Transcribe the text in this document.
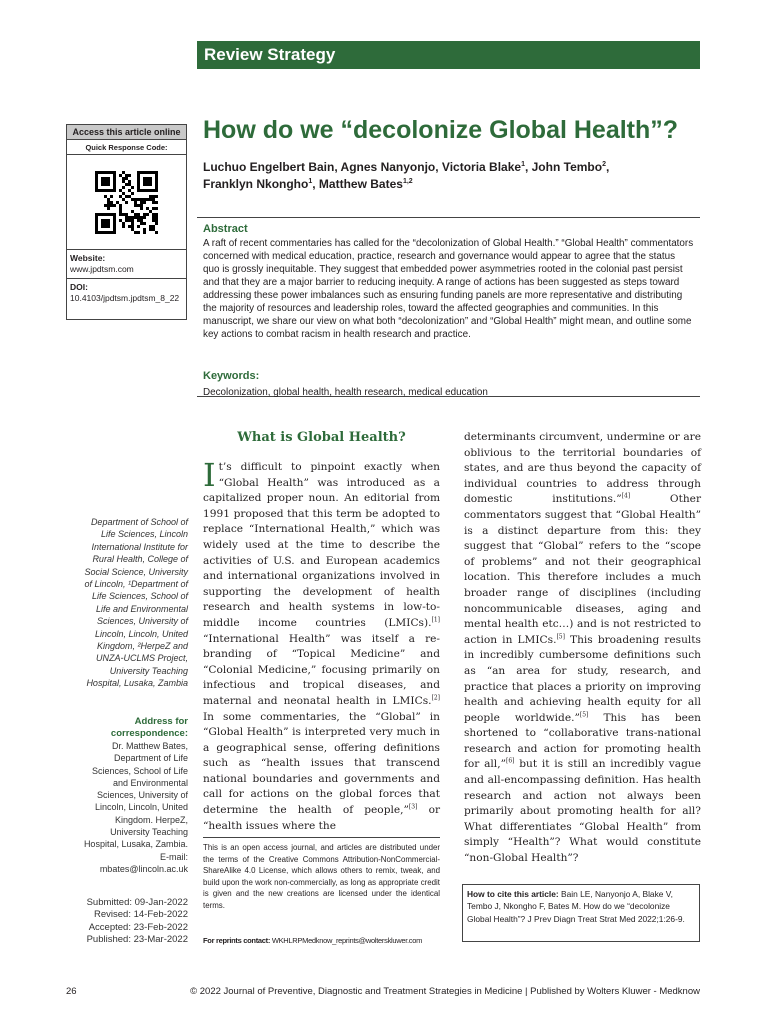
Review Strategy
Access this article online
Quick Response Code:
Website:
www.jpdtsm.com
DOI:
10.4103/jpdtsm.jpdtsm_8_22
How do we “decolonize Global Health”?
Luchuo Engelbert Bain, Agnes Nanyonjo, Victoria Blake$^1$, John Tembo$^2$,
Franklyn Nkongho$^1$, Matthew Bates$^{1,2}$
Abstract
A raft of recent commentaries has called for the “decolonization of Global Health.” “Global Health” commentators concerned with medical education, practice, research and governance would appear to agree that the status quo is grossly inequitable. They suggest that embedded power asymmetries rooted in the colonial past persist and that they are a major barrier to reducing inequity. A range of actions has been suggested as steps toward addressing these power imbalances such as ensuring funding panels are more representative and distributing the majority of resources and leadership roles, toward the affected geographies and communities. In this manuscript, we share our view on what both “decolonization” and “Global Health” might mean, and outline some key actions to combat racism in health research and practice.
Keywords:
Decolonization, global health, health research, medical education
Department of School of Life Sciences, Lincoln International Institute for Rural Health, College of Social Science, University of Lincoln, ¹Department of Life Sciences, School of Life and Environmental Sciences, University of Lincoln, Lincoln, United Kingdom, ²HerpeZ and UNZA-UCLMS Project, University Teaching Hospital, Lusaka, Zambia
Address for correspondence:
Dr. Matthew Bates, Department of Life Sciences, School of Life and Environmental Sciences, University of Lincoln, Lincoln, United Kingdom. HerpeZ, University Teaching Hospital, Lusaka, Zambia.
E-mail: mbates@lincoln.ac.uk
Submitted: 09-Jan-2022
Revised: 14-Feb-2022
Accepted: 23-Feb-2022
Published: 23-Mar-2022
What is Global Health?
It’s difficult to pinpoint exactly when “Global Health” was introduced as a capitalized proper noun. An editorial from 1991 proposed that this term be adopted to replace “International Health,” which was widely used at the time to describe the activities of U.S. and European academics and international organizations involved in supporting the development of health research and health systems in low-to-middle income countries (LMICs).[1] “International Health” was itself a re-branding of “Topical Medicine” and “Colonial Medicine,” focusing primarily on infectious and tropical diseases, and maternal and neonatal health in LMICs.[2] In some commentaries, the “Global” in “Global Health” is interpreted very much in a geographical sense, offering definitions such as “health issues that transcend national boundaries and governments and call for actions on the global forces that determine the health of people,”[3] or “health issues where the
determinants circumvent, undermine or are oblivious to the territorial boundaries of states, and are thus beyond the capacity of individual countries to address through domestic institutions.”[4] Other commentators suggest that “Global Health” is a distinct departure from this: they suggest that “Global” refers to the “scope of problems” and not their geographical location. This therefore includes a much broader range of disciplines (including noncommunicable diseases, aging and mental health etc…) and is not restricted to action in LMICs.[5] This broadening results in incredibly cumbersome definitions such as “an area for study, research, and practice that places a priority on improving health and achieving health equity for all people worldwide.”[5] This has been shortened to “collaborative trans-national research and action for promoting health for all,”[6] but it is still an incredibly vague and all-encompassing definition. Has health research and action not always been primarily about promoting health for all? What differentiates “Global Health” from simply “Health”? What would constitute “non-Global Health”?
This is an open access journal, and articles are distributed under the terms of the Creative Commons Attribution-NonCommercial-ShareAlike 4.0 License, which allows others to remix, tweak, and build upon the work non-commercially, as long as appropriate credit is given and the new creations are licensed under the identical terms.
For reprints contact: WKHLRPMedknow_reprints@wolterskluwer.com
How to cite this article: Bain LE, Nanyonjo A, Blake V, Tembo J, Nkongho F, Bates M. How do we “decolonize Global Health”? J Prev Diagn Treat Strat Med 2022;1:26-9.
26	© 2022 Journal of Preventive, Diagnostic and Treatment Strategies in Medicine | Published by Wolters Kluwer - Medknow
